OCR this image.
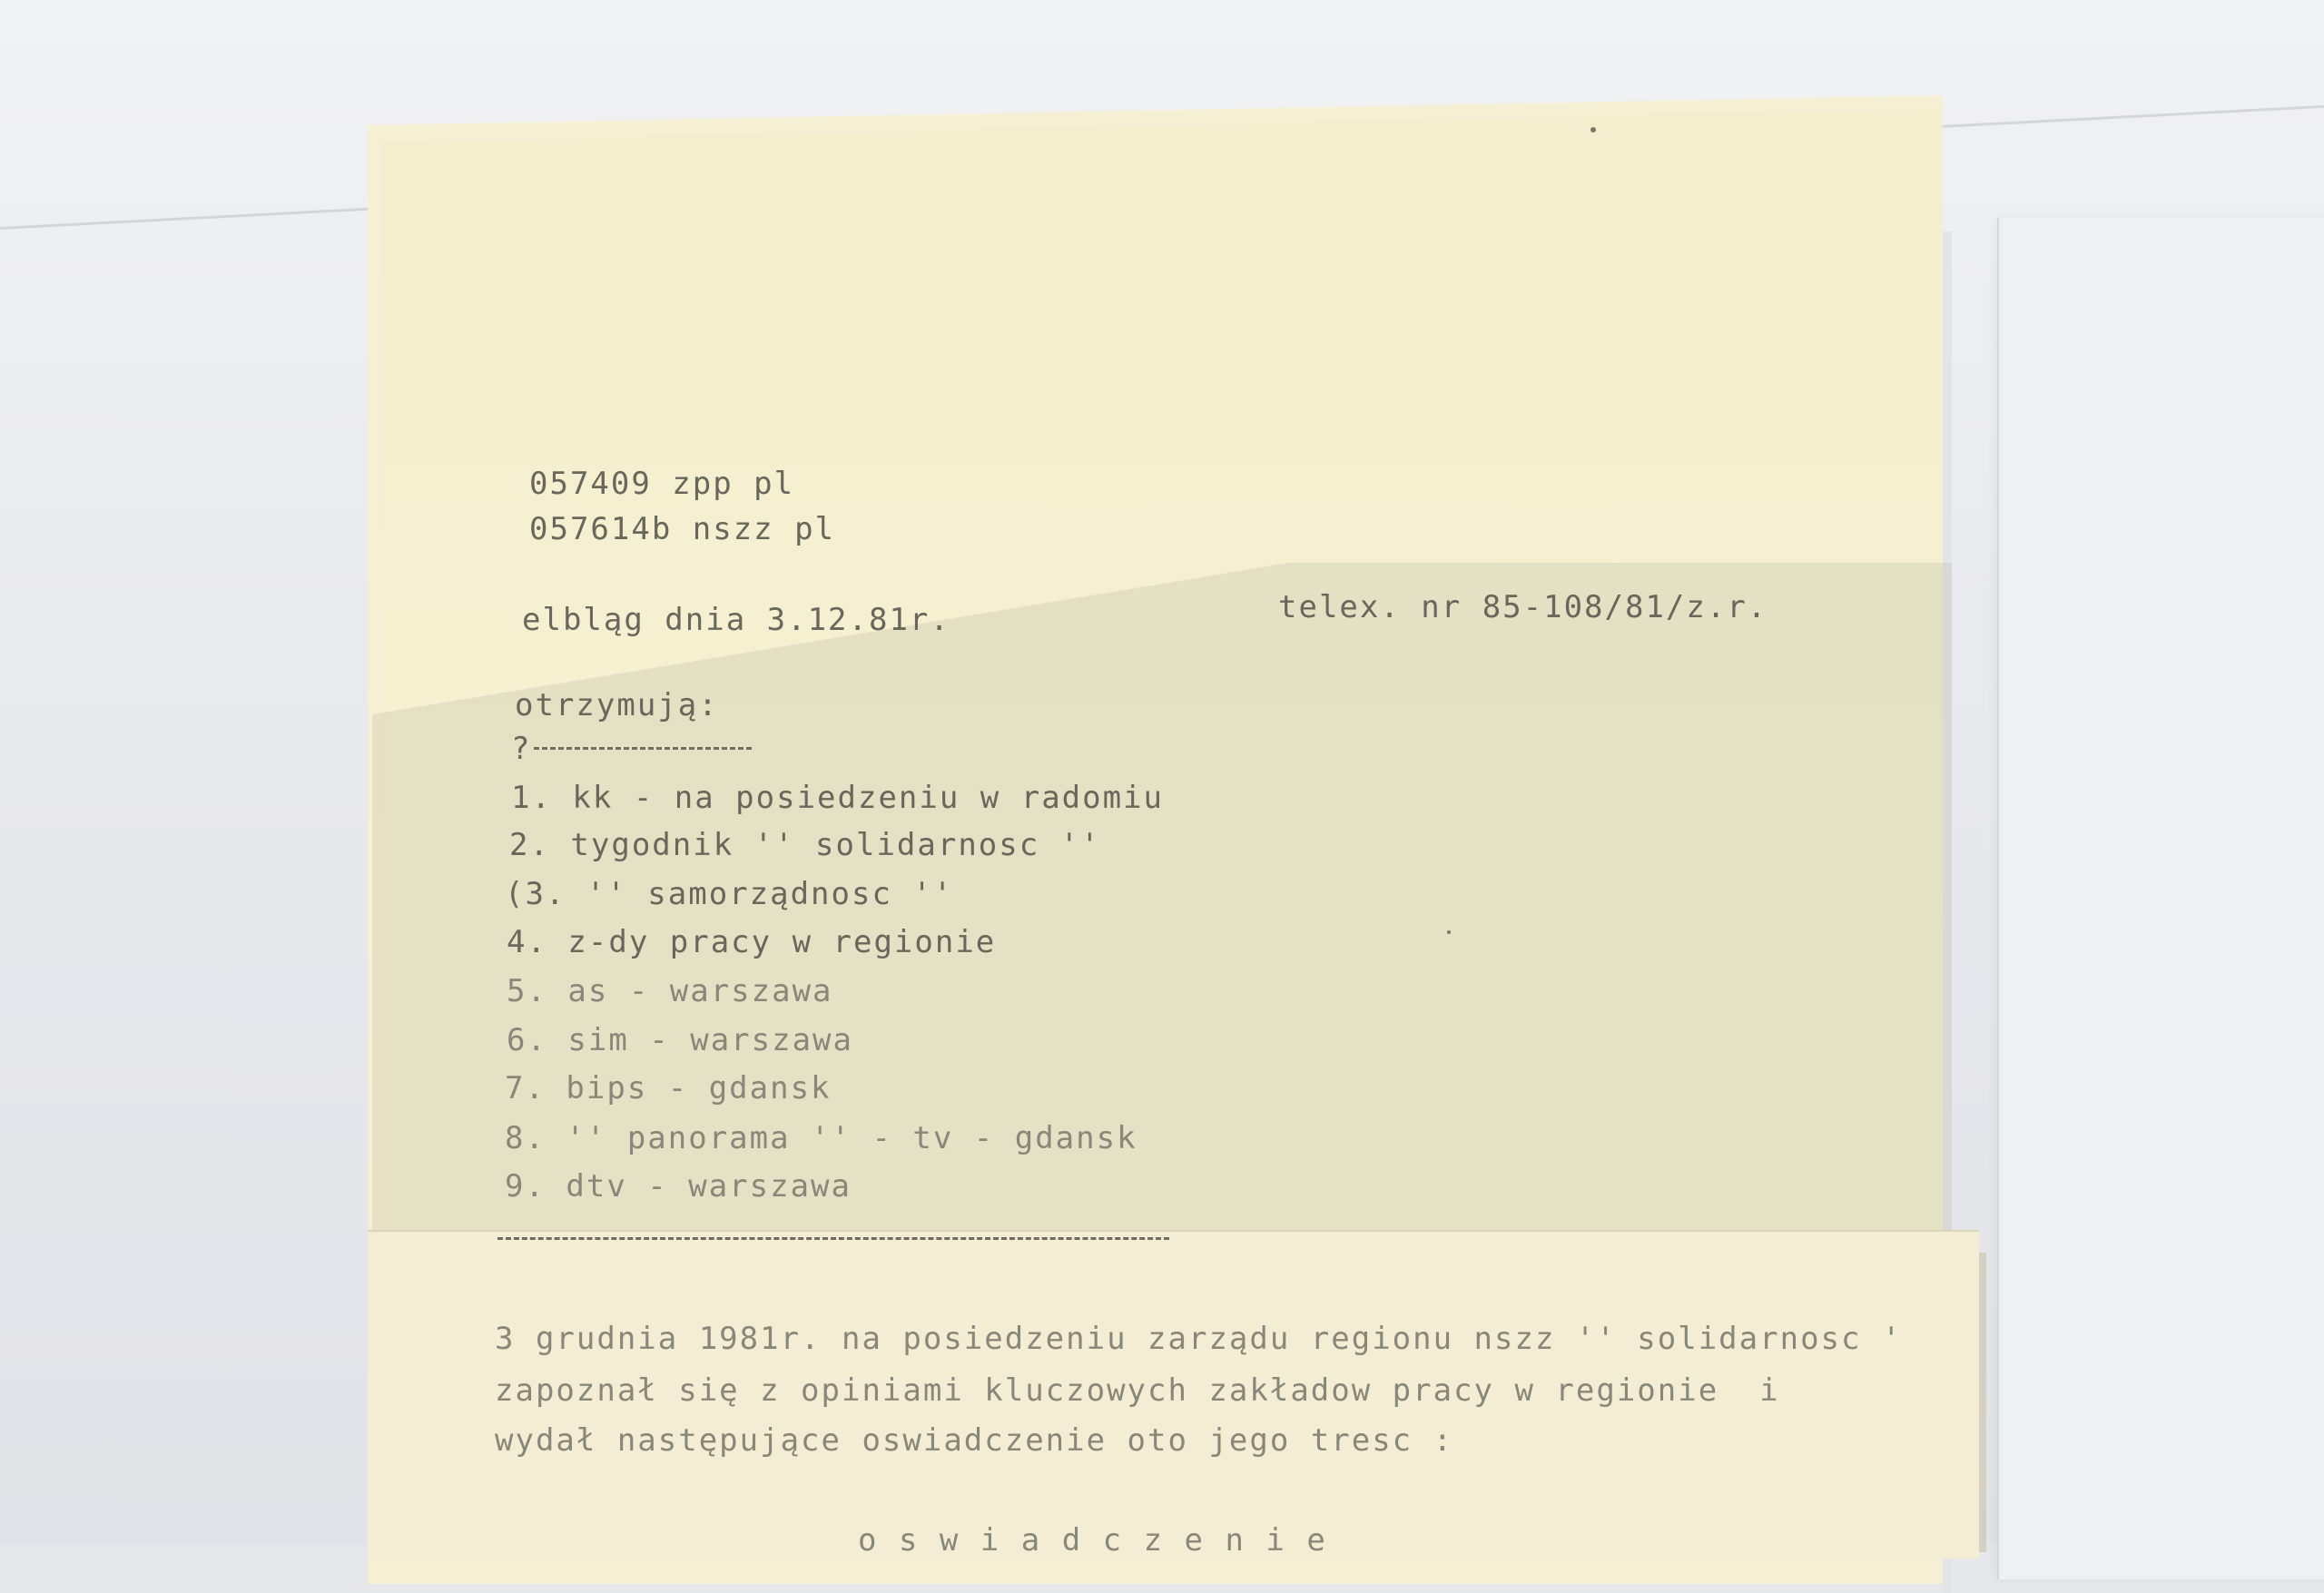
057409 zpp pl
057614b nszz pl
elbląg dnia 3.12.81r.	telex. nr 85-108/81/z.r.
otrzymują:
?
1. kk - na posiedzeniu w radomiu
2. tygodnik '' solidarnosc ''
(3. '' samorządnosc ''
4. z-dy pracy w regionie
5. as - warszawa
6. sim - warszawa
7. bips - gdansk
8. '' panorama '' - tv - gdansk
9. dtv - warszawa
3 grudnia 1981r. na posiedzeniu zarządu regionu nszz '' solidarnosc '
zapoznał się z opiniami kluczowych zakładow pracy w regionie  i
wydał następujące oswiadczenie oto jego tresc :
o s w i a d c z e n i e
